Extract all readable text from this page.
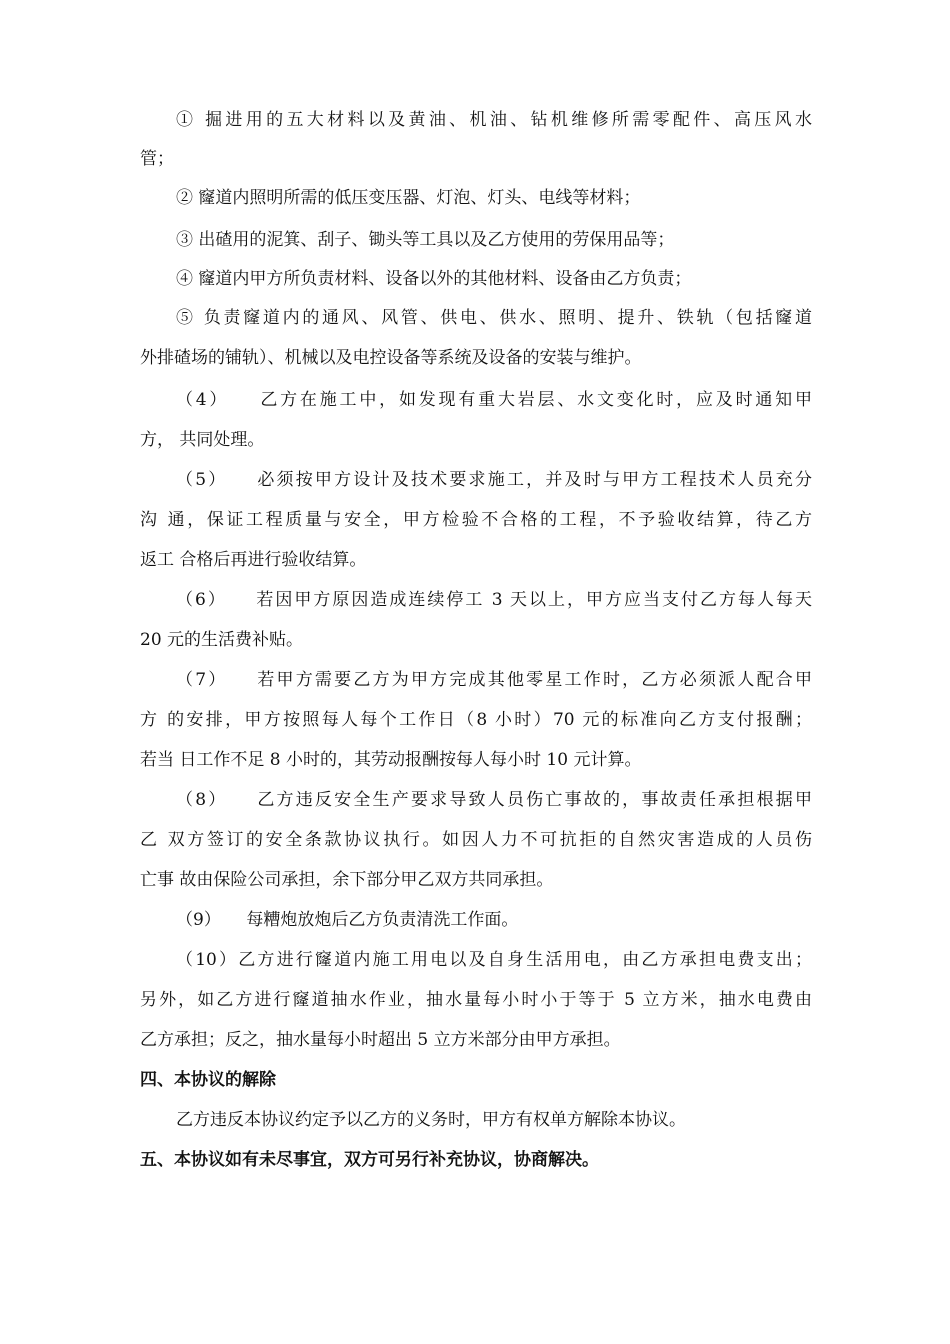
① 掘进用的五大材料以及黄油、机油、钻机维修所需零配件、高压风水
管；
② 窿道内照明所需的低压变压器、灯泡、灯头、电线等材料；
③ 出碴用的泥箕、刮子、锄头等工具以及乙方使用的劳保用品等；
④ 窿道内甲方所负责材料、设备以外的其他材料、设备由乙方负责；
⑤ 负责窿道内的通风、风管、供电、供水、照明、提升、铁轨（包括窿道
外排碴场的铺轨）、机械以及电控设备等系统及设备的安装与维护。
（4）　　乙方在施工中，如发现有重大岩层、水文变化时，应及时通知甲
方， 共同处理。
（5）　　必须按甲方设计及技术要求施工，并及时与甲方工程技术人员充分
沟 通，保证工程质量与安全，甲方检验不合格的工程，不予验收结算，待乙方
返工 合格后再进行验收结算。
（6）　　若因甲方原因造成连续停工 3 天以上，甲方应当支付乙方每人每天
20 元的生活费补贴。
（7）　　若甲方需要乙方为甲方完成其他零星工作时，乙方必须派人配合甲
方 的安排，甲方按照每人每个工作日（8 小时）70 元的标准向乙方支付报酬；
若当 日工作不足 8 小时的，其劳动报酬按每人每小时 10 元计算。
（8）　　乙方违反安全生产要求导致人员伤亡事故的，事故责任承担根据甲
乙 双方签订的安全条款协议执行。如因人力不可抗拒的自然灾害造成的人员伤
亡事 故由保险公司承担，余下部分甲乙双方共同承担。
（9）　　每糟炮放炮后乙方负责清洗工作面。
（10）乙方进行窿道内施工用电以及自身生活用电，由乙方承担电费支出；
另外，如乙方进行窿道抽水作业，抽水量每小时小于等于 5 立方米，抽水电费由
乙方承担；反之，抽水量每小时超出 5 立方米部分由甲方承担。
四、本协议的解除
乙方违反本协议约定予以乙方的义务时，甲方有权单方解除本协议。
五、本协议如有未尽事宜，双方可另行补充协议，协商解决。
